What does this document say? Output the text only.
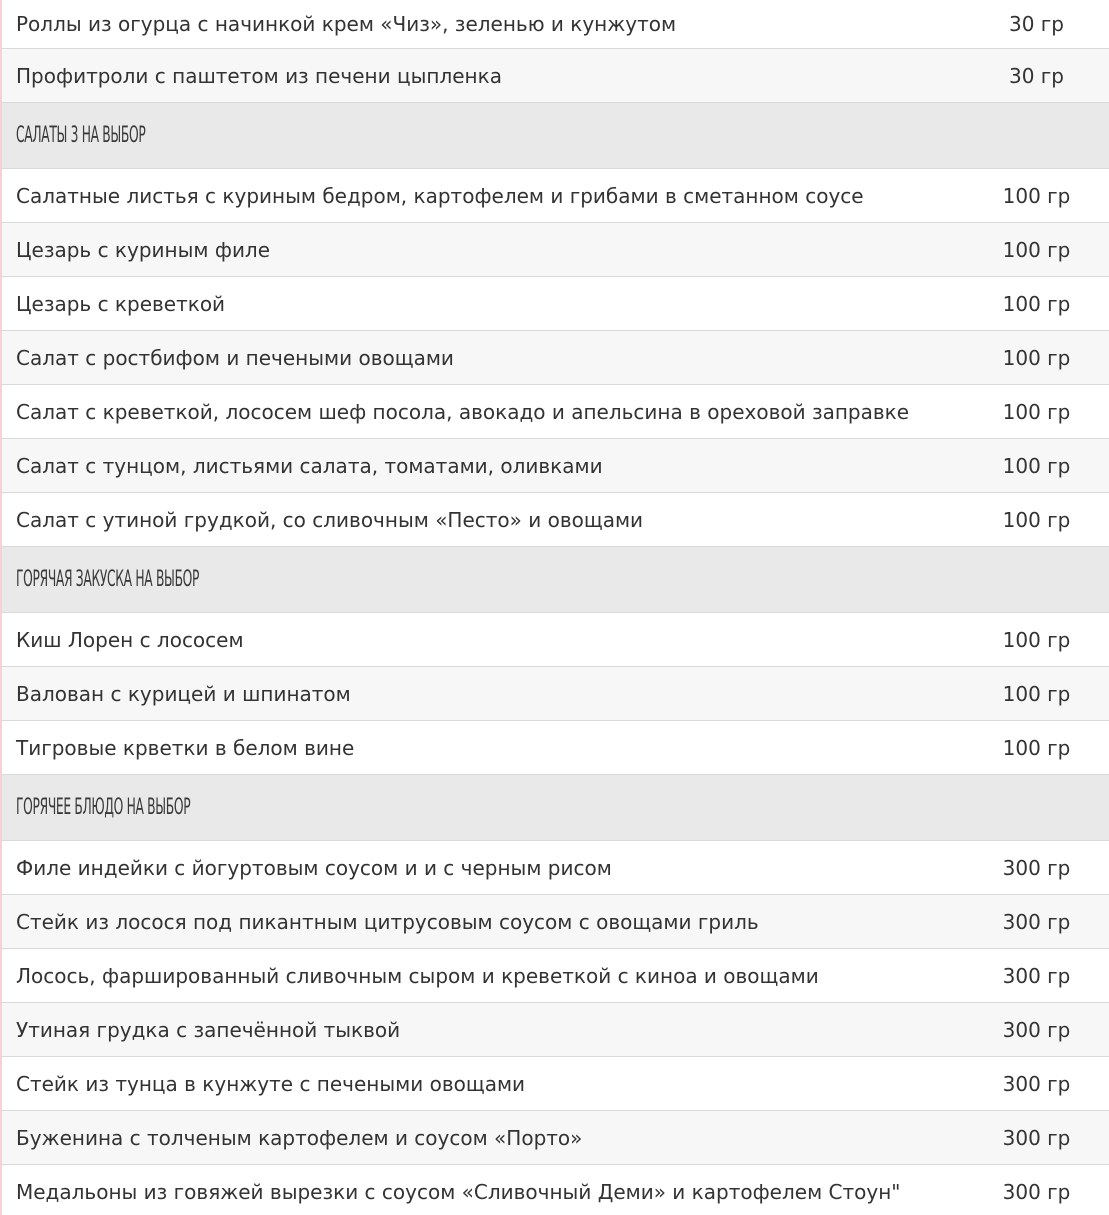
Роллы из огурца с начинкой крем «Чиз», зеленью и кунжутом	30 гр
Профитроли с паштетом из печени цыпленка	30 гр
САЛАТЫ 3 НА ВЫБОР
Салатные листья с куриным бедром, картофелем и грибами в сметанном соусе	100 гр
Цезарь с куриным филе	100 гр
Цезарь с креветкой	100 гр
Салат с ростбифом и печеными овощами	100 гр
Салат с креветкой, лососем шеф посола, авокадо и апельсина в ореховой заправке	100 гр
Салат с тунцом, листьями салата, томатами, оливками	100 гр
Салат с утиной грудкой, со сливочным «Песто» и овощами	100 гр
ГОРЯЧАЯ ЗАКУСКА НА ВЫБОР
Киш Лорен с лососем	100 гр
Валован с курицей и шпинатом	100 гр
Тигровые крветки в белом вине	100 гр
ГОРЯЧЕЕ БЛЮДО НА ВЫБОР
Филе индейки с йогуртовым соусом и и с черным рисом	300 гр
Стейк из лосося под пикантным цитрусовым соусом с овощами гриль	300 гр
Лосось, фаршированный сливочным сыром и креветкой с киноа и овощами	300 гр
Утиная грудка с запечённой тыквой	300 гр
Стейк из тунца в кунжуте с печеными овощами	300 гр
Буженина с толченым картофелем и соусом «Порто»	300 гр
Медальоны из говяжей вырезки с соусом «Сливочный Деми» и картофелем Стоун"	300 гр
